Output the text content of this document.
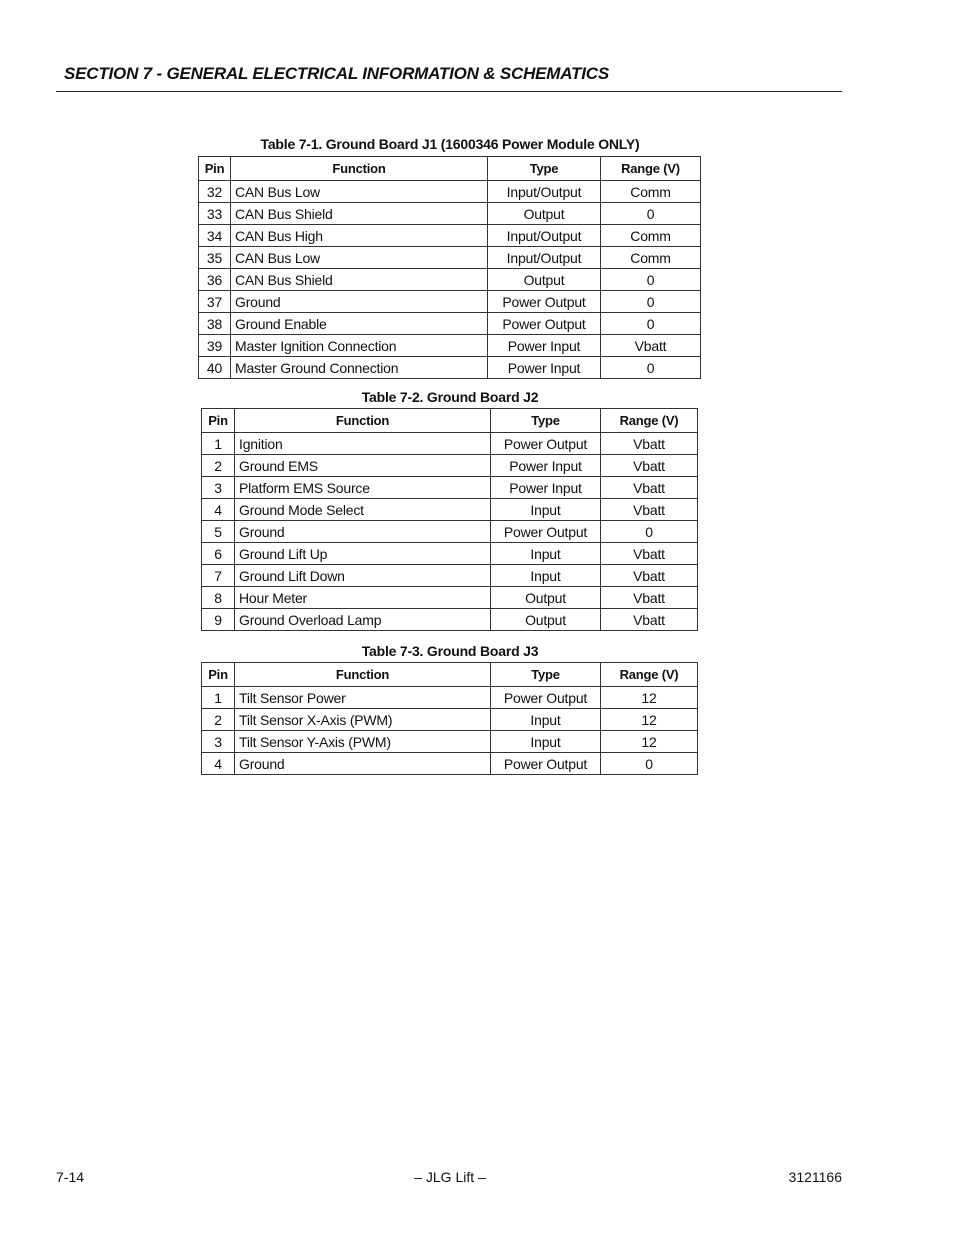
SECTION 7 - GENERAL ELECTRICAL INFORMATION & SCHEMATICS
Table 7-1. Ground Board J1 (1600346 Power Module ONLY)
Pin	Function	Type	Range (V)
32	CAN Bus Low	Input/Output	Comm
33	CAN Bus Shield	Output	0
34	CAN Bus High	Input/Output	Comm
35	CAN Bus Low	Input/Output	Comm
36	CAN Bus Shield	Output	0
37	Ground	Power Output	0
38	Ground Enable	Power Output	0
39	Master Ignition Connection	Power Input	Vbatt
40	Master Ground Connection	Power Input	0
Table 7-2. Ground Board J2
Pin	Function	Type	Range (V)
1	Ignition	Power Output	Vbatt
2	Ground EMS	Power Input	Vbatt
3	Platform EMS Source	Power Input	Vbatt
4	Ground Mode Select	Input	Vbatt
5	Ground	Power Output	0
6	Ground Lift Up	Input	Vbatt
7	Ground Lift Down	Input	Vbatt
8	Hour Meter	Output	Vbatt
9	Ground Overload Lamp	Output	Vbatt
Table 7-3. Ground Board J3
Pin	Function	Type	Range (V)
1	Tilt Sensor Power	Power Output	12
2	Tilt Sensor X-Axis (PWM)	Input	12
3	Tilt Sensor Y-Axis (PWM)	Input	12
4	Ground	Power Output	0
7-14	– JLG Lift –	3121166
